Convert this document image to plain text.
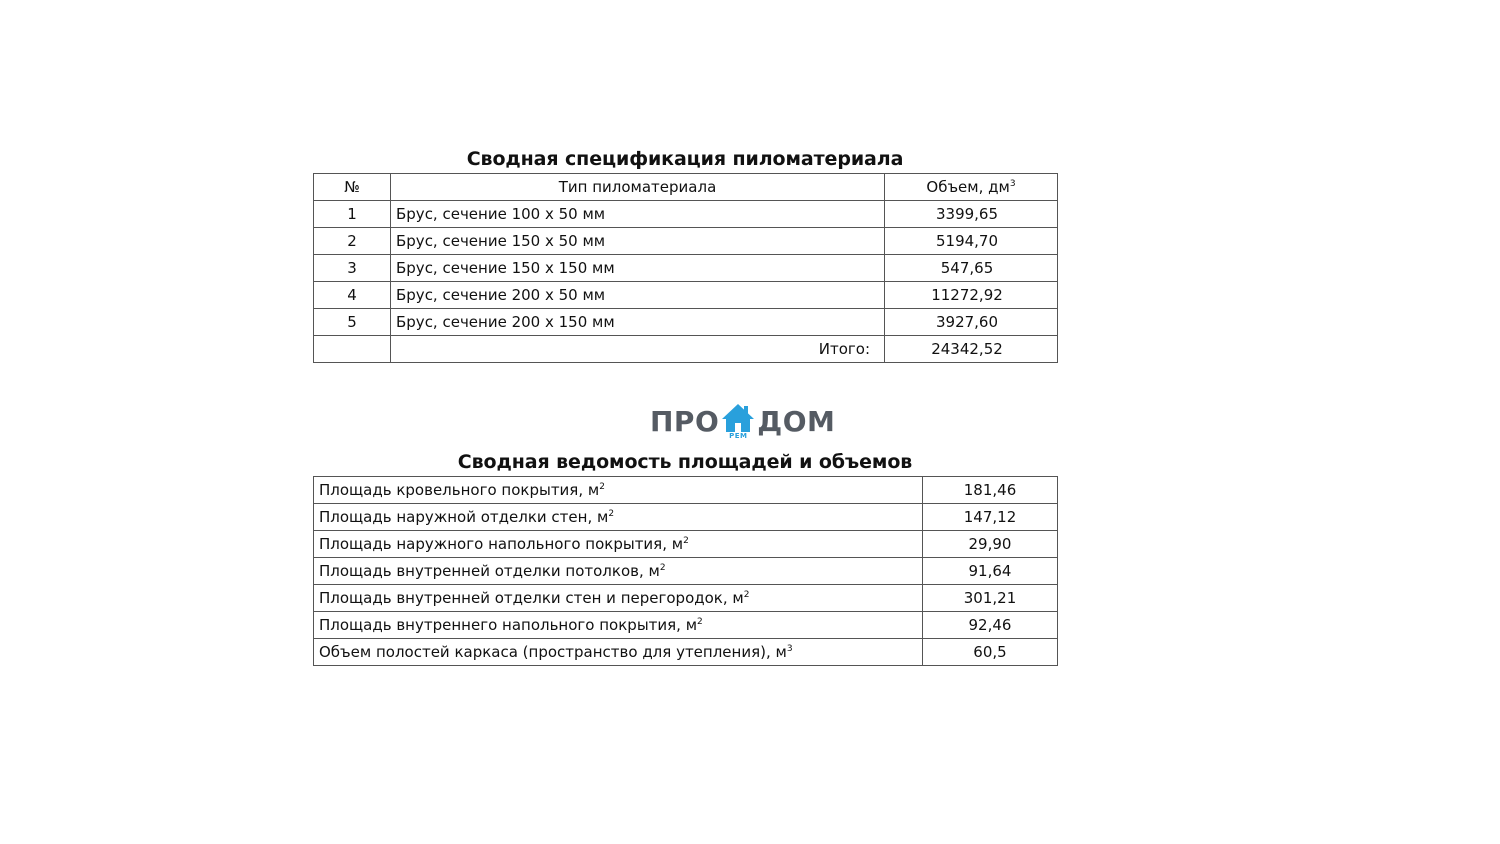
Сводная спецификация пиломатериала
№	Тип пиломатериала	Объем, $дм^3$
1	Брус, сечение 100 х 50 мм	3399,65
2	Брус, сечение 150 х 50 мм	5194,70
3	Брус, сечение 150 х 150 мм	547,65
4	Брус, сечение 200 х 50 мм	11272,92
5	Брус, сечение 200 х 150 мм	3927,60
	Итого:	24342,52
ПРО	РЕМ ДОМ
Сводная ведомость площадей и объемов
Площадь кровельного покрытия, $м^2$	181,46
Площадь наружной отделки стен, $м^2$	147,12
Площадь наружного напольного покрытия, $м^2$	29,90
Площадь внутренней отделки потолков, $м^2$	91,64
Площадь внутренней отделки стен и перегородок, $м^2$	301,21
Площадь внутреннего напольного покрытия, $м^2$	92,46
Объем полостей каркаса (пространство для утепления), $м^3$	60,5
